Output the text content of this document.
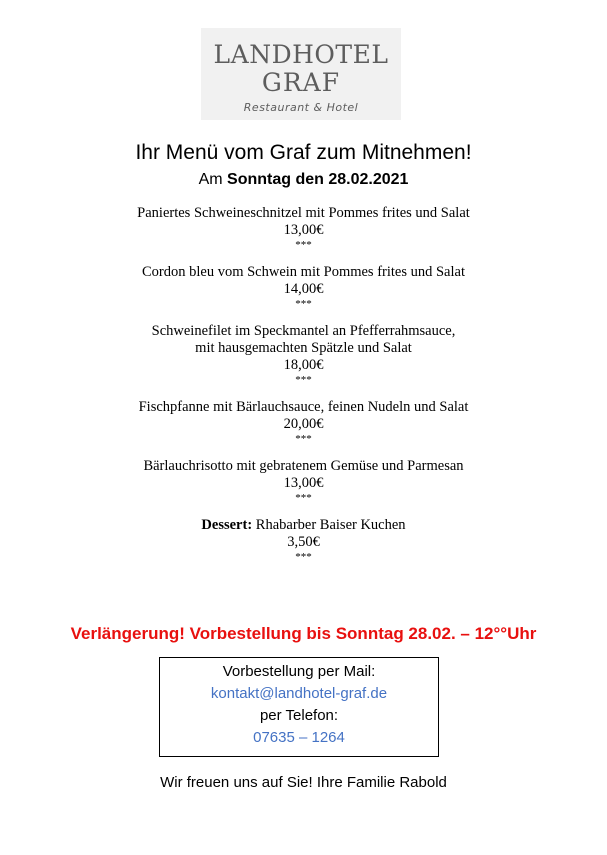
LANDHOTEL
GRAF
Restaurant & Hotel
Ihr Menü vom Graf zum Mitnehmen!
Am Sonntag den 28.02.2021
Paniertes Schweineschnitzel mit Pommes frites und Salat
13,00€
***
Cordon bleu vom Schwein mit Pommes frites und Salat
14,00€
***
Schweinefilet im Speckmantel an Pfefferrahmsauce,
mit hausgemachten Spätzle und Salat
18,00€
***
Fischpfanne mit Bärlauchsauce, feinen Nudeln und Salat
20,00€
***
Bärlauchrisotto mit gebratenem Gemüse und Parmesan
13,00€
***
Dessert: Rhabarber Baiser Kuchen
3,50€
***
Verlängerung! Vorbestellung bis Sonntag 28.02. – 12°°Uhr
Vorbestellung per Mail:
kontakt@landhotel-graf.de
per Telefon:
07635 – 1264
Wir freuen uns auf Sie! Ihre Familie Rabold
